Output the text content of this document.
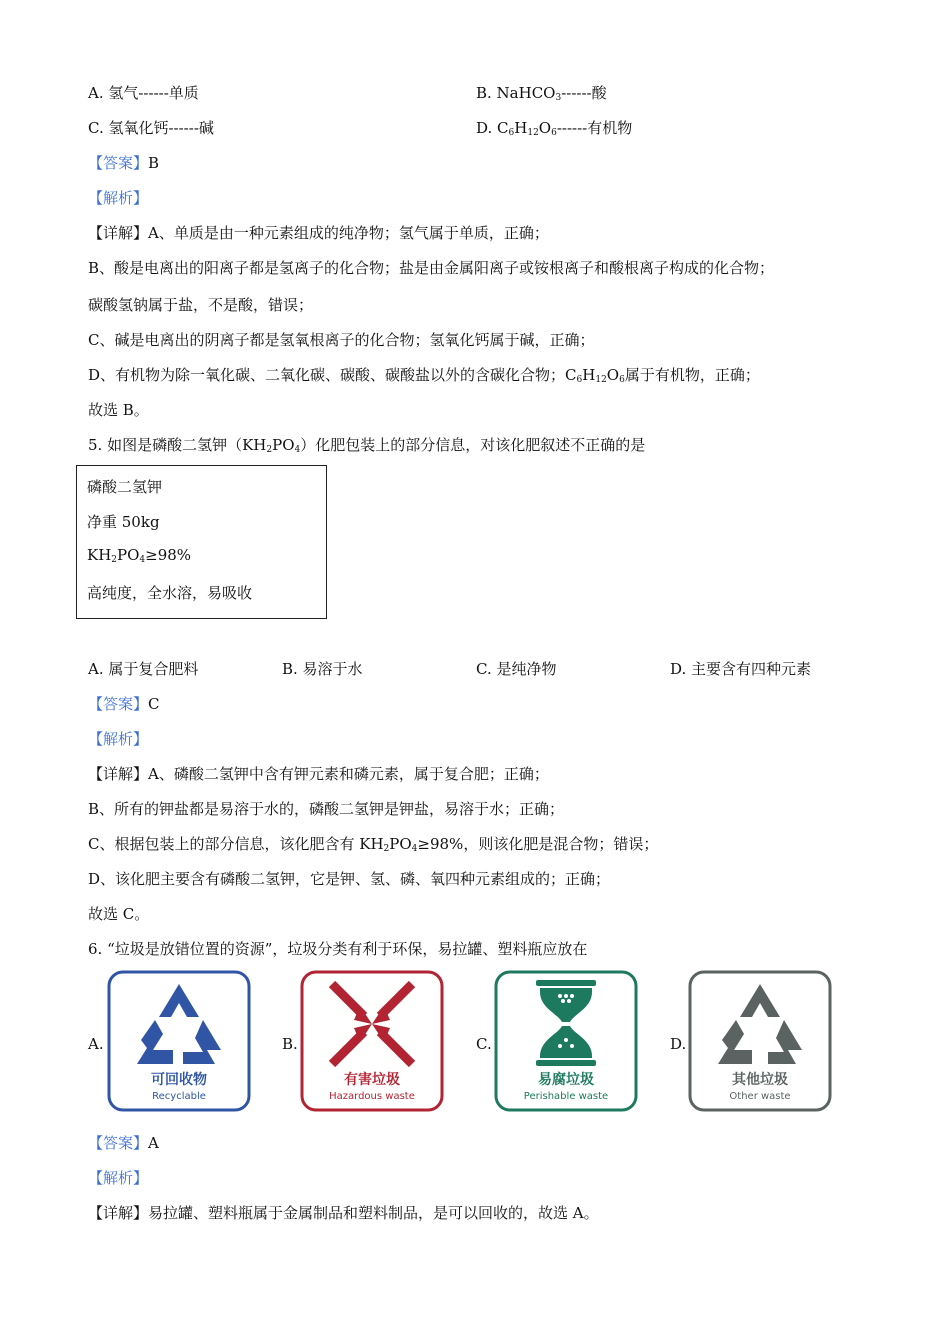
A. 氢气------单质	B. NaHCO$_3$------酸
C. 氢氧化钙------碱	D. $C_6H_{12}O_6------$有机物
【答案】B
【解析】
【详解】A、单质是由一种元素组成的纯净物；氢气属于单质，正确；
B、酸是电离出的阳离子都是氢离子的化合物；盐是由金属阳离子或铵根离子和酸根离子构成的化合物；
碳酸氢钠属于盐，不是酸，错误；
C、碱是电离出的阴离子都是氢氧根离子的化合物；氢氧化钙属于碱，正确；
D、有机物为除一氧化碳、二氧化碳、碳酸、碳酸盐以外的含碳化合物；$C_6H_{12}O_6$属于有机物，正确；
故选 B。
5. 如图是磷酸二氢钾$(KH_2PO_4)$化肥包装上的部分信息，对该化肥叙述不正确的是
磷酸二氢钾
净重 50kg
$KH_2PO_4\ge 98\%$
高纯度，全水溶，易吸收
A. 属于复合肥料	B. 易溶于水	C. 是纯净物	D. 主要含有四种元素
【答案】C
【解析】
【详解】A、磷酸二氢钾中含有钾元素和磷元素，属于复合肥；正确；
B、所有的钾盐都是易溶于水的，磷酸二氢钾是钾盐，易溶于水；正确；
C、根据包装上的部分信息，该化肥含有 $KH_2PO_4\ge 98\%$，则该化肥是混合物；错误；
D、该化肥主要含有磷酸二氢钾，它是钾、氢、磷、氧四种元素组成的；正确；
故选 C。
6. “垃圾是放错位置的资源”，垃圾分类有利于环保，易拉罐、塑料瓶应放在
A.
可回收物
Recyclable
B.
有害垃圾
Hazardous waste
C.
易腐垃圾
Perishable waste
D.
其他垃圾
Other waste
【答案】A
【解析】
【详解】易拉罐、塑料瓶属于金属制品和塑料制品，是可以回收的，故选 A。
